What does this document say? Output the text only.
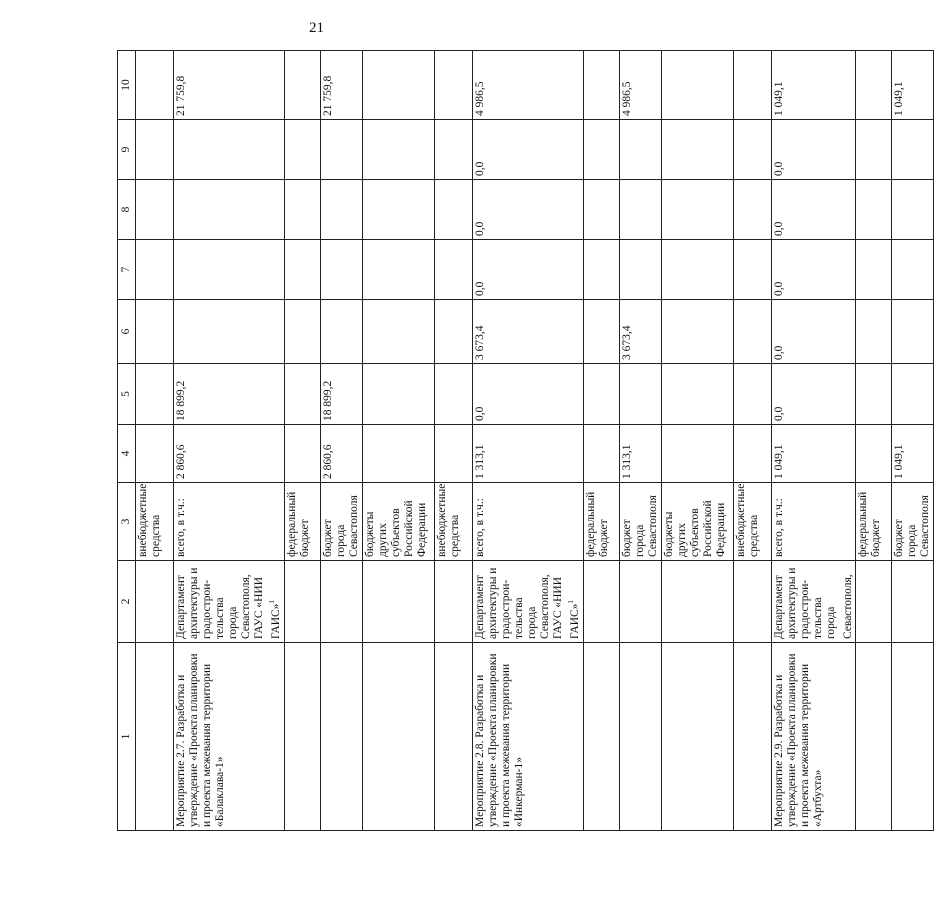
21
1	2	3	4	5	6	7	8	9	10
		внебюджетные средства							
Мероприятие 2.7. Разработка и утверждение «Проекта планировки и проекта межевания территории «Балаклава-1»	Департамент архитектуры и градострои-тельства города Севастополя, ГАУС «НИИ ГАИС»$^1$	всего, в т.ч.:	2 860,6	18 899,2					21 759,8
		федеральный бюджет							
		бюджет города Севастополя	2 860,6	18 899,2					21 759,8
		бюджеты других субъектов Российской Федерации							
		внебюджетные средства							
Мероприятие 2.8. Разработка и утверждение «Проекта планировки и проекта межевания территории «Инкерман-1»	Департамент архитектуры и градострои-тельства города Севастополя, ГАУС «НИИ ГАИС»$^1$	всего, в т.ч.:	1 313,1	0,0	3 673,4	0,0	0,0	0,0	4 986,5
		федеральный бюджет							
		бюджет города Севастополя	1 313,1		3 673,4				4 986,5
		бюджеты других субъектов Российской Федерации							
		внебюджетные средства							
Мероприятие 2.9. Разработка и утверждение «Проекта планировки и проекта межевания территории «Артбухта»	Департамент архитектуры и градострои-тельства города Севастополя,	всего, в т.ч.:	1 049,1	0,0	0,0	0,0	0,0	0,0	1 049,1
		федеральный бюджет							
		бюджет города Севастополя	1 049,1						1 049,1
